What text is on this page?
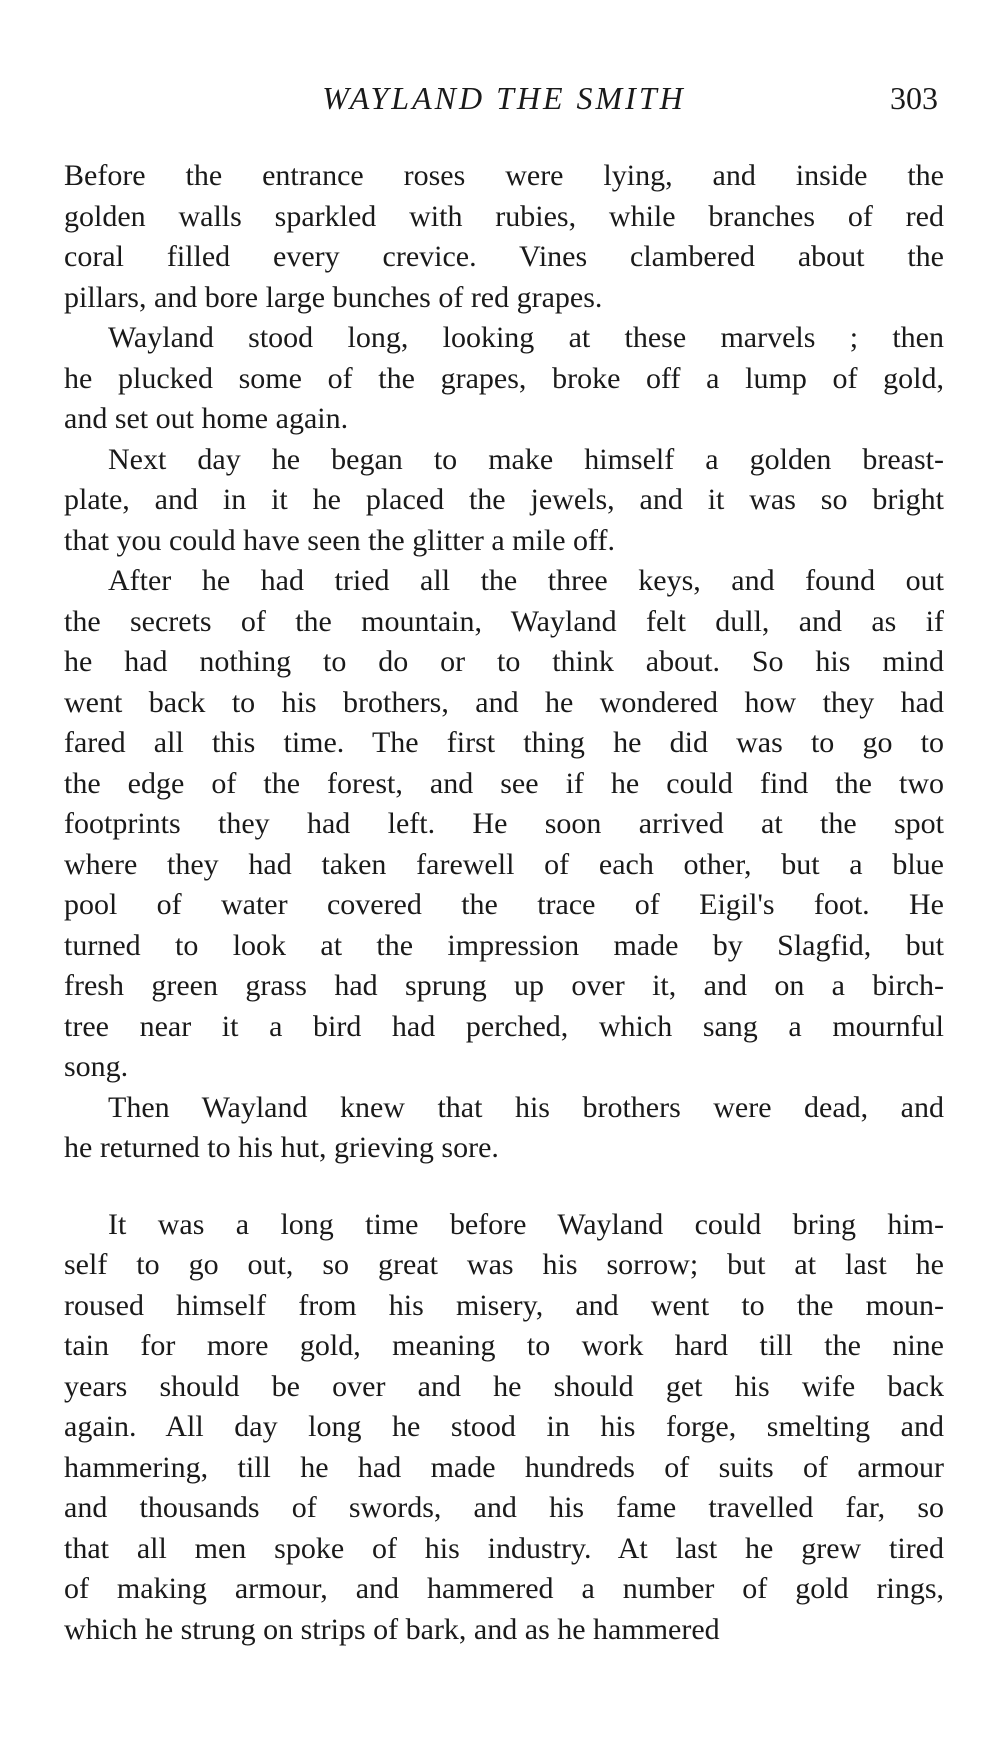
WAYLAND THE SMITH	303
Before the entrance roses were lying, and inside the
golden walls sparkled with rubies, while branches of red
coral filled every crevice. Vines clambered about the
pillars, and bore large bunches of red grapes.
Wayland stood long, looking at these marvels ; then
he plucked some of the grapes, broke off a lump of gold,
and set out home again.
Next day he began to make himself a golden breast-
plate, and in it he placed the jewels, and it was so bright
that you could have seen the glitter a mile off.
After he had tried all the three keys, and found out
the secrets of the mountain, Wayland felt dull, and as if
he had nothing to do or to think about. So his mind
went back to his brothers, and he wondered how they had
fared all this time. The first thing he did was to go to
the edge of the forest, and see if he could find the two
footprints they had left. He soon arrived at the spot
where they had taken farewell of each other, but a blue
pool of water covered the trace of Eigil's foot. He
turned to look at the impression made by Slagfid, but
fresh green grass had sprung up over it, and on a birch-
tree near it a bird had perched, which sang a mournful
song.
Then Wayland knew that his brothers were dead, and
he returned to his hut, grieving sore.
It was a long time before Wayland could bring him-
self to go out, so great was his sorrow; but at last he
roused himself from his misery, and went to the moun-
tain for more gold, meaning to work hard till the nine
years should be over and he should get his wife back
again. All day long he stood in his forge, smelting and
hammering, till he had made hundreds of suits of armour
and thousands of swords, and his fame travelled far, so
that all men spoke of his industry. At last he grew tired
of making armour, and hammered a number of gold rings,
which he strung on strips of bark, and as he hammered
